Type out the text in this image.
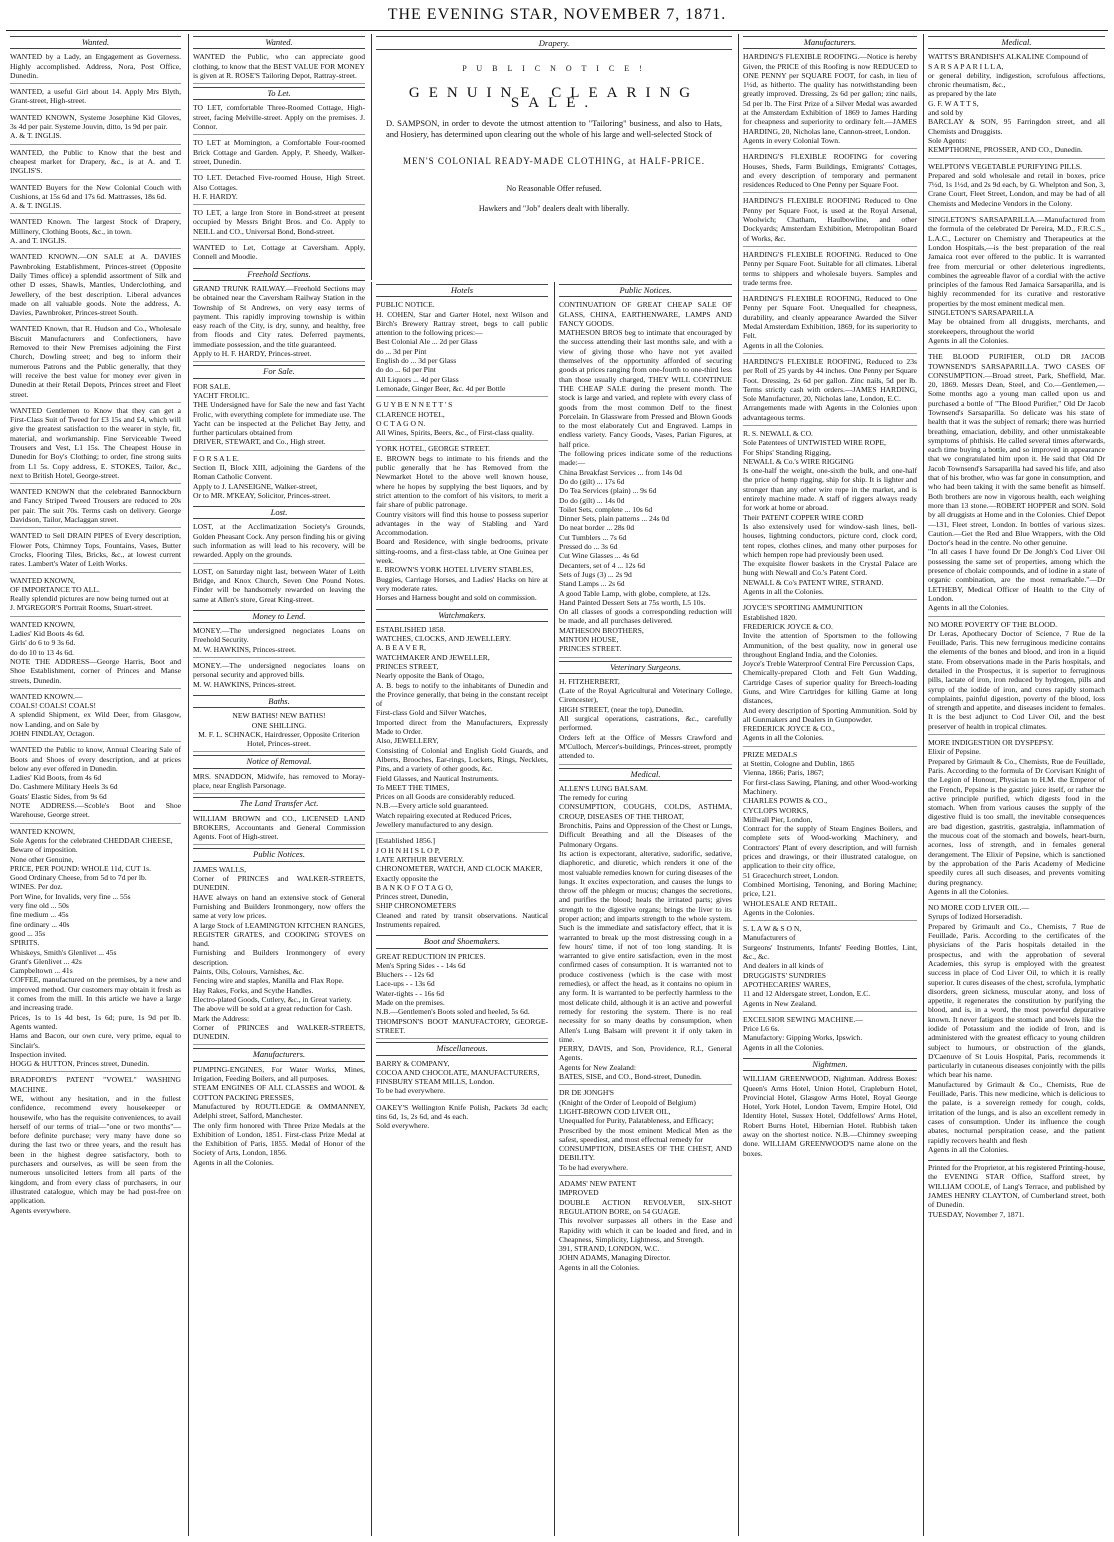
THE EVENING STAR, NOVEMBER 7, 1871.
Wanted.
WANTED by a Lady, an Engagement as Governess. Highly accomplished. Address, Nora, Post Office, Dunedin.
WANTED, a useful Girl about 14. Apply Mrs Blyth, Grant-street, High-street.
WANTED KNOWN, Systeme Josephine Kid Gloves, 3s 4d per pair. Systeme Jouvin, ditto, 1s 9d per pair.
A. & T. INGLIS.
WANTED, the Public to Know that the best and cheapest market for Drapery, &c., is at A. and T. INGLIS'S.
WANTED Buyers for the New Colonial Couch with Cushions, at 15s 6d and 17s 6d. Mattrasses, 18s 6d.
A. & T. INGLIS.
WANTED Known. The largest Stock of Drapery, Millinery, Clothing Boots, &c., in town.
A. and T. INGLIS.
WANTED KNOWN.—ON SALE at A. DAVIES Pawnbroking Establishment, Princes-street (Opposite Daily Times office) a splendid assortment of Silk and other D esses, Shawls, Mantles, Underclothing, and Jewellery, of the best description. Liberal advances made on all valuable goods. Note the address, A. Davies, Pawnbroker, Princes-street South.
WANTED Known, that R. Hudson and Co., Wholesale Biscuit Manufacturers and Confectioners, have Removed to their New Premises adjoining the First Church, Dowling street; and beg to inform their numerous Patrons and the Public generally, that they will receive the best value for money ever given in Dunedin at their Retail Depots, Princes street and Fleet street.
WANTED Gentlemen to Know that they can get a First-Class Suit of Tweed for £3 15s and £4, which will give the greatest satisfaction to the wearer in style, fit, material, and workmanship. Fine Serviceable Tweed Trousers and Vest, L1 15s. The Cheapest House in Dunedin for Boy's Clothing; to order, fine strong suits from L1 5s. Copy address, E. STOKES, Tailor, &c., next to British Hotel, George-street.
WANTED KNOWN that the celebrated Bannockburn and Fancy Striped Tweed Trousers are reduced to 20s per pair. The suit 70s. Terms cash on delivery. George Davidson, Tailor, Maclaggan street.
WANTED to Sell DRAIN PIPES of Every description, Flower Pots, Chimney Tops, Fountains, Vases, Butter Crocks, Flooring Tiles, Bricks, &c., at lowest current rates. Lambert's Water of Leith Works.
WANTED KNOWN,
OF IMPORTANCE TO ALL.
Really splendid pictures are now being turned out at
J. M'GREGOR'S Portrait Rooms, Stuart-street.
WANTED KNOWN,
Ladies' Kid Boots 4s 6d.
Girls' do 6 to 9 3s 6d.
do do 10 to 13 4s 6d.
NOTE THE ADDRESS—George Harris, Boot and Shoe Establishment, corner of Princes and Manse streets, Dunedin.
WANTED KNOWN.—
COALS! COALS! COALS!
A splendid Shipment, ex Wild Deer, from Glasgow, now Landing, and on Sale by
JOHN FINDLAY, Octagon.
WANTED the Public to know, Annual Clearing Sale of Boots and Shoes of every description, and at prices below any ever offered in Dunedin.
Ladies' Kid Boots, from 4s 6d
Do. Cashmere Military Heels 3s 6d
Goats' Elastic Sides, from 9s 6d
NOTE ADDRESS.—Scoble's Boot and Shoe Warehouse, George street.
WANTED KNOWN,
Sole Agents for the celebrated CHEDDAR CHEESE,
Beware of imposition.
None other Genuine,
PRICE, PER POUND: WHOLE 11d, CUT 1s.
Good Ordinary Cheese, from 5d to 7d per lb.
WINES. Per doz.
Port Wine, for Invalids, very fine ... 55s
very fine old ... 50s
fine medium ... 45s
fine ordinary ... 40s
good ... 35s
SPIRITS.
Whiskeys, Smith's Glenlivet ... 45s
Grant's Glenlivet ... 42s
Campbeltown ... 41s
COFFEE, manufactured on the premises, by a new and improved method. Our customers may obtain it fresh as it comes from the mill. In this article we have a large and increasing trade.
Prices, 1s to 1s 4d best, 1s 6d; pure, 1s 9d per lb. Agents wanted.
Hams and Bacon, our own cure, very prime, equal to Sinclair's.
Inspection invited.
HOGG & HUTTON, Princes street, Dunedin.
BRADFORD'S PATENT "VOWEL" WASHING MACHINE.
WE, without any hesitation, and in the fullest confidence, recommend every housekeeper or housewife, who has the requisite conveniences, to avail herself of our terms of trial—"one or two months"—before definite purchase; very many have done so during the last two or three years, and the result has been in the highest degree satisfactory, both to purchasers and ourselves, as will be seen from the numerous unsolicited letters from all parts of the kingdom, and from every class of purchasers, in our illustrated catalogue, which may be had post-free on application.
Agents everywhere.
Wanted.
WANTED the Public, who can appreciate good clothing, to know that the BEST VALUE FOR MONEY is given at R. ROSE'S Tailoring Depot, Rattray-street.
To Let.
TO LET, comfortable Three-Roomed Cottage, High-street, facing Melville-street. Apply on the premises. J. Connor.
TO LET at Mornington, a Comfortable Four-roomed Brick Cottage and Garden. Apply, P. Sheedy, Walker-street, Dunedin.
TO LET. Detached Five-roomed House, High Street. Also Cottages.
H. F. HARDY.
TO LET, a large Iron Store in Bond-street at present occupied by Messrs Bright Bros. and Co. Apply to NEILL and CO., Universal Bond, Bond-street.
WANTED to Let, Cottage at Caversham. Apply, Connell and Moodie.
Freehold Sections.
GRAND TRUNK RAILWAY.—Freehold Sections may be obtained near the Caversham Railway Station in the Township of St Andrews, on very easy terms of payment. This rapidly improving township is within easy reach of the City, is dry, sunny, and healthy, free from floods and City rates. Deferred payments, immediate possession, and the title guaranteed.
Apply to H. F. HARDY, Princes-street.
For Sale.
FOR SALE.
YACHT FROLIC.
THE Undersigned have for Sale the new and fast Yacht Frolic, with everything complete for immediate use. The Yacht can be inspected at the Pelichet Bay Jetty, and further particulars obtained from
DRIVER, STEWART, and Co., High street.
F O R S A L E.
Section II, Block XIII, adjoining the Gardens of the Roman Catholic Convent.
Apply to J. LANSEIGNE, Walker-street,
Or to MR. M'KEAY, Solicitor, Princes-street.
Lost.
LOST, at the Acclimatization Society's Grounds, Golden Pheasant Cock. Any person finding his or giving such information as will lead to his recovery, will be rewarded. Apply on the grounds.
LOST, on Saturday night last, between Water of Leith Bridge, and Knox Church, Seven One Pound Notes. Finder will be handsomely rewarded on leaving the same at Allen's store, Great King-street.
Money to Lend.
MONEY.—The undersigned negociates Loans on Freehold Security.
M. W. HAWKINS, Princes-street.
MONEY.—The undersigned negociates loans on personal security and approved bills.
M. W. HAWKINS, Princes-street.
Baths.
NEW BATHS! NEW BATHS!
ONE SHILLING.
M. F. L. SCHNACK, Hairdresser, Opposite Criterion Hotel, Princes-street.
Notice of Removal.
MRS. SNADDON, Midwife, has removed to Moray-place, near English Parsonage.
The Land Transfer Act.
WILLIAM BROWN and CO., LICENSED LAND BROKERS, Accountants and General Commission Agents. Foot of High-street.
Public Notices.
JAMES WALLS,
Corner of PRINCES and WALKER-STREETS, DUNEDIN.
HAVE always on hand an extensive stock of General Furnishing and Builders Ironmongery, now offers the same at very low prices.
A large Stock of LEAMINGTON KITCHEN RANGES, REGISTER GRATES, and COOKING STOVES on hand.
Furnishing and Builders Ironmongery of every description.
Paints, Oils, Colours, Varnishes, &c.
Fencing wire and staples, Manilla and Flax Rope.
Hay Rakes, Forks, and Scythe Handles.
Electro-plated Goods, Cutlery, &c., in Great variety.
The above will be sold at a great reduction for Cash.
Mark the Address:
Corner of PRINCES and WALKER-STREETS, DUNEDIN.
Manufacturers.
PUMPING-ENGINES, For Water Works, Mines, Irrigation, Feeding Boilers, and all purposes.
STEAM ENGINES OF ALL CLASSES and WOOL & COTTON PACKING PRESSES,
Manufactured by ROUTLEDGE & OMMANNEY, Adelphi street, Salford, Manchester.
The only firm honored with Three Prize Medals at the Exhibition of London, 1851. First-class Prize Medal at the Exhibition of Paris, 1855. Medal of Honor of the Society of Arts, London, 1856.
Agents in all the Colonies.
Drapery.
P U B L I C N O T I C E !
GENUINE CLEARING SALE.
D. SAMPSON, in order to devote the utmost attention to "Tailoring" business, and also to Hats, and Hosiery, has determined upon clearing out the whole of his large and well-selected Stock of
MEN'S COLONIAL READY-MADE CLOTHING, at HALF-PRICE.
No Reasonable Offer refused.
Hawkers and "Job" dealers dealt with liberally.
Hotels
PUBLIC NOTICE.
H. COHEN, Star and Garter Hotel, next Wilson and Birch's Brewery Rattray street, begs to call public attention to the following prices:—
Best Colonial Ale ... 2d per Glass
do ... 3d per Pint
English do ... 3d per Glass
do do ... 6d per Pint
All Liquors ... 4d per Glass
Lemonade, Ginger Beer, &c. 4d per Bottle
G U Y B E N N E T T ' S
CLARENCE HOTEL,
O C T A G O N.
All Wines, Spirits, Beers, &c., of First-class quality.
YORK HOTEL, GEORGE STREET.
E. BROWN begs to intimate to his friends and the public generally that he has Removed from the Newmarket Hotel to the above well known house, where he hopes by supplying the best liquors, and by strict attention to the comfort of his visitors, to merit a fair share of public patronage.
Country visitors will find this house to possess superior advantages in the way of Stabling and Yard Accommodation.
Board and Residence, with single bedrooms, private sitting-rooms, and a first-class table, at One Guinea per week.
E. BROWN'S YORK HOTEL LIVERY STABLES,
Buggies, Carriage Horses, and Ladies' Hacks on hire at very moderate rates.
Horses and Harness bought and sold on commission.
Watchmakers.
ESTABLISHED 1858.
WATCHES, CLOCKS, AND JEWELLERY.
A. B E A V E R,
WATCHMAKER AND JEWELLER,
PRINCES STREET,
Nearly opposite the Bank of Otago,
A. B. begs to notify to the inhabitants of Dunedin and the Province generally, that being in the constant receipt of
First-class Gold and Silver Watches,
Imported direct from the Manufacturers, Expressly Made to Order.
Also, JEWELLERY,
Consisting of Colonial and English Gold Guards, and Alberts, Brooches, Ear-rings, Lockets, Rings, Necklets, Pins, and a variety of other goods, &c.
Field Glasses, and Nautical Instruments.
To MEET THE TIMES,
Prices on all Goods are considerably reduced.
N.B.—Every article sold guaranteed.
Watch repairing executed at Reduced Prices,
Jewellery manufactured to any design.
[Established 1856.]
J O H N H I S L O P,
LATE ARTHUR BEVERLY.
CHRONOMETER, WATCH, AND CLOCK MAKER,
Exactly opposite the
B A N K O F O T A G O,
Princes street, Dunedin,
SHIP CHRONOMETERS
Cleaned and rated by transit observations. Nautical Instruments repaired.
Boot and Shoemakers.
GREAT REDUCTION IN PRICES.
Men's Spring Sides - - 14s 6d
Bluchers - - 12s 6d
Lace-ups - - 13s 6d
Water-tights - - 16s 6d
Made on the premises.
N.B.—Gentlemen's Boots soled and heeled, 5s 6d.
THOMPSON'S BOOT MANUFACTORY, GEORGE-STREET.
Miscellaneous.
BARRY & COMPANY,
COCOA AND CHOCOLATE, MANUFACTURERS,
FINSBURY STEAM MILLS, London.
To be had everywhere.
OAKEY'S Wellington Knife Polish, Packets 3d each; tins 6d, 1s, 2s 6d, and 4s each.
Sold everywhere.
Public Notices.
CONTINUATION OF GREAT CHEAP SALE OF GLASS, CHINA, EARTHENWARE, LAMPS AND FANCY GOODS.
MATHESON BROS beg to intimate that encouraged by the success attending their last months sale, and with a view of giving those who have not yet availed themselves of the opportunity afforded of securing goods at prices ranging from one-fourth to one-third less than those usually charged, THEY WILL CONTINUE THE CHEAP SALE during the present month. The stock is large and varied, and replete with every class of goods from the most common Delf to the finest Porcelain. In Glassware from Pressed and Blown Goods to the most elaborately Cut and Engraved. Lamps in endless variety. Fancy Goods, Vases, Parian Figures, at half price.
The following prices indicate some of the reductions made:—
China Breakfast Services ... from 14s 0d
Do do (gilt) ... 17s 6d
Do Tea Services (plain) ... 9s 6d
Do do (gilt) ... 14s 0d
Toilet Sets, complete ... 10s 6d
Dinner Sets, plain patterns ... 24s 0d
Do neat border ... 28s 0d
Cut Tumblers ... 7s 6d
Pressed do ... 3s 6d
Cut Wine Glasses ... 4s 6d
Decanters, set of 4 ... 12s 6d
Sets of Jugs (3) ... 2s 9d
Stand Lamps ... 2s 6d
A good Table Lamp, with globe, complete, at 12s.
Hand Painted Dessert Sets at 75s worth, L5 10s.
On all classes of goods a corresponding reduction will be made, and all purchases delivered.
MATHESON BROTHERS,
MINTON HOUSE,
PRINCES STREET.
Veterinary Surgeons.
H. FITZHERBERT,
(Late of the Royal Agricultural and Veterinary College, Cirencester),
HIGH STREET, (near the top), Dunedin.
All surgical operations, castrations, &c., carefully performed.
Orders left at the Office of Messrs Crawford and M'Culloch, Mercer's-buildings, Princes-street, promptly attended to.
Medical.
ALLEN'S LUNG BALSAM.
The remedy for curing
CONSUMPTION, COUGHS, COLDS, ASTHMA, CROUP, DISEASES OF THE THROAT,
Bronchitis, Pains and Oppression of the Chest or Lungs, Difficult Breathing and all the Diseases of the Pulmonary Organs.
Its action is expectorant, alterative, sudorific, sedative, diaphoretic, and diuretic, which renders it one of the most valuable remedies known for curing diseases of the lungs. It excites expectoration, and causes the lungs to throw off the phlegm or mucus; changes the secretions, and purifies the blood; heals the irritated parts; gives strength to the digestive organs; brings the liver to its proper action; and imparts strength to the whole system. Such is the immediate and satisfactory effect, that it is warranted to break up the most distressing cough in a few hours' time, if not of too long standing. It is warranted to give entire satisfaction, even in the most confirmed cases of consumption. It is warranted not to produce costiveness (which is the case with most remedies), or affect the head, as it contains no opium in any form. It is warranted to be perfectly harmless to the most delicate child, although it is an active and powerful remedy for restoring the system. There is no real necessity for so many deaths by consumption, when Allen's Lung Balsam will prevent it if only taken in time.
PERRY, DAVIS, and Son, Providence, R.I., General Agents.
Agents for New Zealand:
BATES, SISE, and CO., Bond-street, Dunedin.
DR DE JONGH'S
(Knight of the Order of Leopold of Belgium)
LIGHT-BROWN COD LIVER OIL,
Unequalled for Purity, Palatableness, and Efficacy;
Prescribed by the most eminent Medical Men as the safest, speediest, and most effectual remedy for
CONSUMPTION, DISEASES OF THE CHEST, AND DEBILITY.
To be had everywhere.
ADAMS' NEW PATENT
IMPROVED
DOUBLE ACTION REVOLVER, SIX-SHOT REGULATION BORE, on 54 GUAGE.
This revolver surpasses all others in the Ease and Rapidity with which it can be loaded and fired, and in Cheapness, Simplicity, Lightness, and Strength.
391, STRAND, LONDON, W.C.
JOHN ADAMS, Managing Director.
Agents in all the Colonies.
Manufacturers.
HARDING'S FLEXIBLE ROOFING.—Notice is hereby Given, the PRICE of this Roofing is now REDUCED to ONE PENNY per SQUARE FOOT, for cash, in lieu of 1½d, as hitherto. The quality has notwithstanding been greatly improved. Dressing, 2s 6d per gallon; zinc nails, 5d per lb. The First Prize of a Silver Medal was awarded at the Amsterdam Exhibition of 1869 to James Harding for cheapness and superiority to ordinary felt.—JAMES HARDING, 20, Nicholas lane, Cannon-street, London.
Agents in every Colonial Town.
HARDING'S FLEXIBLE ROOFING for covering Houses, Sheds, Farm Buildings, Emigrants' Cottages, and every description of temporary and permanent residences Reduced to One Penny per Square Foot.
HARDING'S FLEXIBLE ROOFING Reduced to One Penny per Square Foot, is used at the Royal Arsenal, Woolwich; Chatham, Haulbowline, and other Dockyards; Amsterdam Exhibition, Metropolitan Board of Works, &c.
HARDING'S FLEXIBLE ROOFING. Reduced to One Penny per Square Foot. Suitable for all climates. Liberal terms to shippers and wholesale buyers. Samples and trade terms free.
HARDING'S FLEXIBLE ROOFING, Reduced to One Penny per Square Foot. Unequalled for cheapness, durability, and cleanly appearance Awarded the Silver Medal Amsterdam Exhibition, 1869, for its superiority to Felt.
Agents in all the Colonies.
HARDING'S FLEXIBLE ROOFING, Reduced to 23s per Roll of 25 yards by 44 inches. One Penny per Square Foot. Dressing, 2s 6d per gallon. Zinc nails, 5d per lb. Terms strictly cash with orders.—JAMES HARDING, Sole Manufacturer, 20, Nicholas lane, London, E.C.
Arrangements made with Agents in the Colonies upon advantageous terms.
R. S. NEWALL & CO.
Sole Patentees of UNTWISTED WIRE ROPE,
For Ships' Standing Rigging,
NEWALL & Co.'s WIRE RIGGING
Is one-half the weight, one-sixth the bulk, and one-half the price of hemp rigging, ship for ship. It is lighter and stronger than any other wire rope in the market, and is entirely machine made. A staff of riggers always ready for work at home or abroad.
Their PATENT COPPER WIRE CORD
Is also extensively used for window-sash lines, bell-houses, lightning conductors, picture cord, clock cord, tent ropes, clothes clines, and many other purposes for which hempen rope had previously been used.
The exquisite flower baskets in the Crystal Palace are hung with Newall and Co.'s Patent Cord.
NEWALL & Co's PATENT WIRE, STRAND.
Agents in all the Colonies.
JOYCE'S SPORTING AMMUNITION
Established 1820.
FREDERICK JOYCE & CO.
Invite the attention of Sportsmen to the following Ammunition, of the best quality, now in general use throughout England India, and the Colonies.
Joyce's Treble Waterproof Central Fire Percussion Caps,
Chemically-prepared Cloth and Felt Gun Wadding, Cartridge Cases of superior quality for Breech-loading Guns, and Wire Cartridges for killing Game at long distances,
And every description of Sporting Ammunition. Sold by all Gunmakers and Dealers in Gunpowder.
FREDERICK JOYCE & CO.,
Agents in all the Colonies.
PRIZE MEDALS
at Stettin, Cologne and Dublin, 1865
Vienna, 1866; Paris, 1867;
For first-class Sawing, Planing, and other Wood-working Machinery.
CHARLES POWIS & CO.,
CYCLOPS WORKS,
Millwall Pier, London,
Contract for the supply of Steam Engines Boilers, and complete sets of Wood-working Machinery, and Contractors' Plant of every description, and will furnish prices and drawings, or their illustrated catalogue, on application to their city office,
51 Gracechurch street, London.
Combined Mortising, Tenoning, and Boring Machine; price, L21.
WHOLESALE AND RETAIL.
Agents in the Colonies.
S. L A W & S O N,
Manufacturers of
Surgeons' Instruments, Infants' Feeding Bottles, Lint, &c., &c.
And dealers in all kinds of
DRUGGISTS' SUNDRIES
APOTHECARIES' WARES,
11 and 12 Aldersgate street, London, E.C.
Agents in New Zealand.
EXCELSIOR SEWING MACHINE.—
Price L6 6s.
Manufactory: Gipping Works, Ipswich.
Agents in all the Colonies.
Nightmen.
WILLIAM GREENWOOD, Nightman. Address Boxes: Queen's Arms Hotel, Union Hotel, Crapleburn Hotel, Provincial Hotel, Glasgow Arms Hotel, Royal George Hotel, York Hotel, London Tavern, Empire Hotel, Old Identity Hotel, Sussex Hotel, Oddfellows' Arms Hotel, Robert Burns Hotel, Hibernian Hotel. Rubbish taken away on the shortest notice. N.B.—Chimney sweeping done. WILLIAM GREENWOOD'S name alone on the boxes.
Medical.
WATTS'S BRANDISH'S ALKALINE Compound of
S A R S A P A R I L L A,
or general debility, indigestion, scrofulous affections, chronic rheumatism, &c.,
as prepared by the late
G. F. W A T T S,
and sold by
BARCLAY & SON, 95 Farringdon street, and all Chemists and Druggists.
Sole Agents:
KEMPTHORNE, PROSSER, AND CO., Dunedin.
WELPTON'S VEGETABLE PURIFYING PILLS.
Prepared and sold wholesale and retail in boxes, price 7½d, 1s 1½d, and 2s 9d each, by G. Whelpton and Son, 3, Crane Court, Fleet Street, London, and may be had of all Chemists and Medecine Vendors in the Colony.
SINGLETON'S SARSAPARILLA.—Manufactured from the formula of the celebrated Dr Pereira, M.D., F.R.C.S., L.A.C., Lecturer on Chemistry and Therapeutics at the London Hospitals,—is the best preparation of the real Jamaica root ever offered to the public. It is warranted free from mercurial or other deleterious ingredients, combines the agreeable flavor of a cordial with the active principles of the famous Red Jamaica Sarsaparilla, and is highly recommended for its curative and restorative properties by the most eminent medical men.
SINGLETON'S SARSAPARILLA
May be obtained from all druggists, merchants, and storekeepers, throughout the world
Agents in all the Colonies.
THE BLOOD PURIFIER, OLD DR JACOB TOWNSEND'S SARSAPARILLA. TWO CASES OF CONSUMPTION.—Broad street, Park, Sheffield, Mar. 20, 1869. Messrs Dean, Steel, and Co.—Gentlemen,—Some months ago a young man called upon us and purchased a bottle of "The Blood Purifier," Old Dr Jacob Townsend's Sarsaparilla. So delicate was his state of health that it was the subject of remark; there was hurried breathing, emaciation, debility, and other unmistakeable symptoms of phthisis. He called several times afterwards, each time buying a bottle, and so improved in appearance that we congratulated him upon it. He said that Old Dr Jacob Townsend's Sarsaparilla had saved his life, and also that of his brother, who was far gone in consumption, and who had been taking it with the same benefit as himself. Both brothers are now in vigorous health, each weighing more than 13 stone.—ROBERT HOPPER and SON. Sold by all druggists at Home and in the Colonies. Chief Depot—131, Fleet street, London. In bottles of various sizes. Caution.—Get the Red and Blue Wrappers, with the Old Doctor's head in the centre. No other genuine.
"In all cases I have found Dr De Jongh's Cod Liver Oil possessing the same set of properties, among which the presence of cholaic compounds, and of iodine in a state of organic combination, are the most remarkable."—Dr LETHEBY, Medical Officer of Health to the City of London.
Agents in all the Colonies.
NO MORE POVERTY OF THE BLOOD.
Dr Leras, Apothecary Doctor of Science, 7 Rue de la Feuillade, Paris. This new ferruginous medicine contains the elements of the bones and blood, and iron in a liquid state. From observations made in the Paris hospitals, and detailed in the Prospectus, it is superior to ferruginous pills, lactate of iron, iron reduced by hydrogen, pills and syrup of the iodide of iron, and cures rapidly stomach complaints, painful digestion, poverty of the blood, loss of strength and appetite, and diseases incident to females. It is the best adjunct to Cod Liver Oil, and the best preserver of health in tropical climates.
MORE INDIGESTION OR DYSPEPSY.
Elixir of Pepsine.
Prepared by Grimault & Co., Chemists, Rue de Feuillade, Paris. According to the formula of Dr Corvisart Knight of the Legion of Honour, Physician to H.M. the Emperor of the French, Pepsine is the gastric juice itself, or rather the active principle purified, which digests food in the stomach. When from various causes the supply of the digestive fluid is too small, the inevitable consequences are bad digestion, gastritis, gastralgia, inflammation of the mucous coat of the stomach and bowels, heart-burn, acornes, loss of strength, and in females general derangement. The Elixir of Pepsine, which is sanctioned by the approbation of the Paris Academy of Medicine speedily cures all such diseases, and prevents vomiting during pregnancy.
Agents in all the Colonies.
NO MORE COD LIVER OIL.—
Syrups of Iodized Horseradish.
Prepared by Grimault and Co., Chemists, 7 Rue de Feuillade, Paris. According to the certificates of the physicians of the Paris hospitals detailed in the prospectus, and with the approbation of several Academies, this syrup is employed with the greatest success in place of Cod Liver Oil, to which it is really superior. It cures diseases of the chest, scrofula, lymphatic disorders, green sickness, muscular atony, and loss of appetite, it regenerates the constitution by purifying the blood, and is, in a word, the most powerful depurative known. It never fatigues the stomach and bowels like the iodide of Potassium and the iodide of Iron, and is administered with the greatest efficacy to young children subject to humours, or obstruction of the glands, D'Caenuve of St Louis Hospital, Paris, recommends it particularly in cutaneous diseases conjointly with the pills which bear his name.
Manufactured by Grimault & Co., Chemists, Rue de Feuillade, Paris. This new medicine, which is delicious to the palate, is a sovereign remedy for cough, colds, irritation of the lungs, and is also an excellent remedy in cases of consumption. Under its influence the cough abates, nocturnal perspiration cease, and the patient rapidly recovers health and flesh
Agents in all the Colonies.
Printed for the Proprietor, at his registered Printing-house, the EVENING STAR Office, Stafford street, by WILLIAM COOLE, of Lang's Terrace, and published by JAMES HENRY CLAYTON, of Cumberland street, both of Dunedin.
TUESDAY, November 7, 1871.
